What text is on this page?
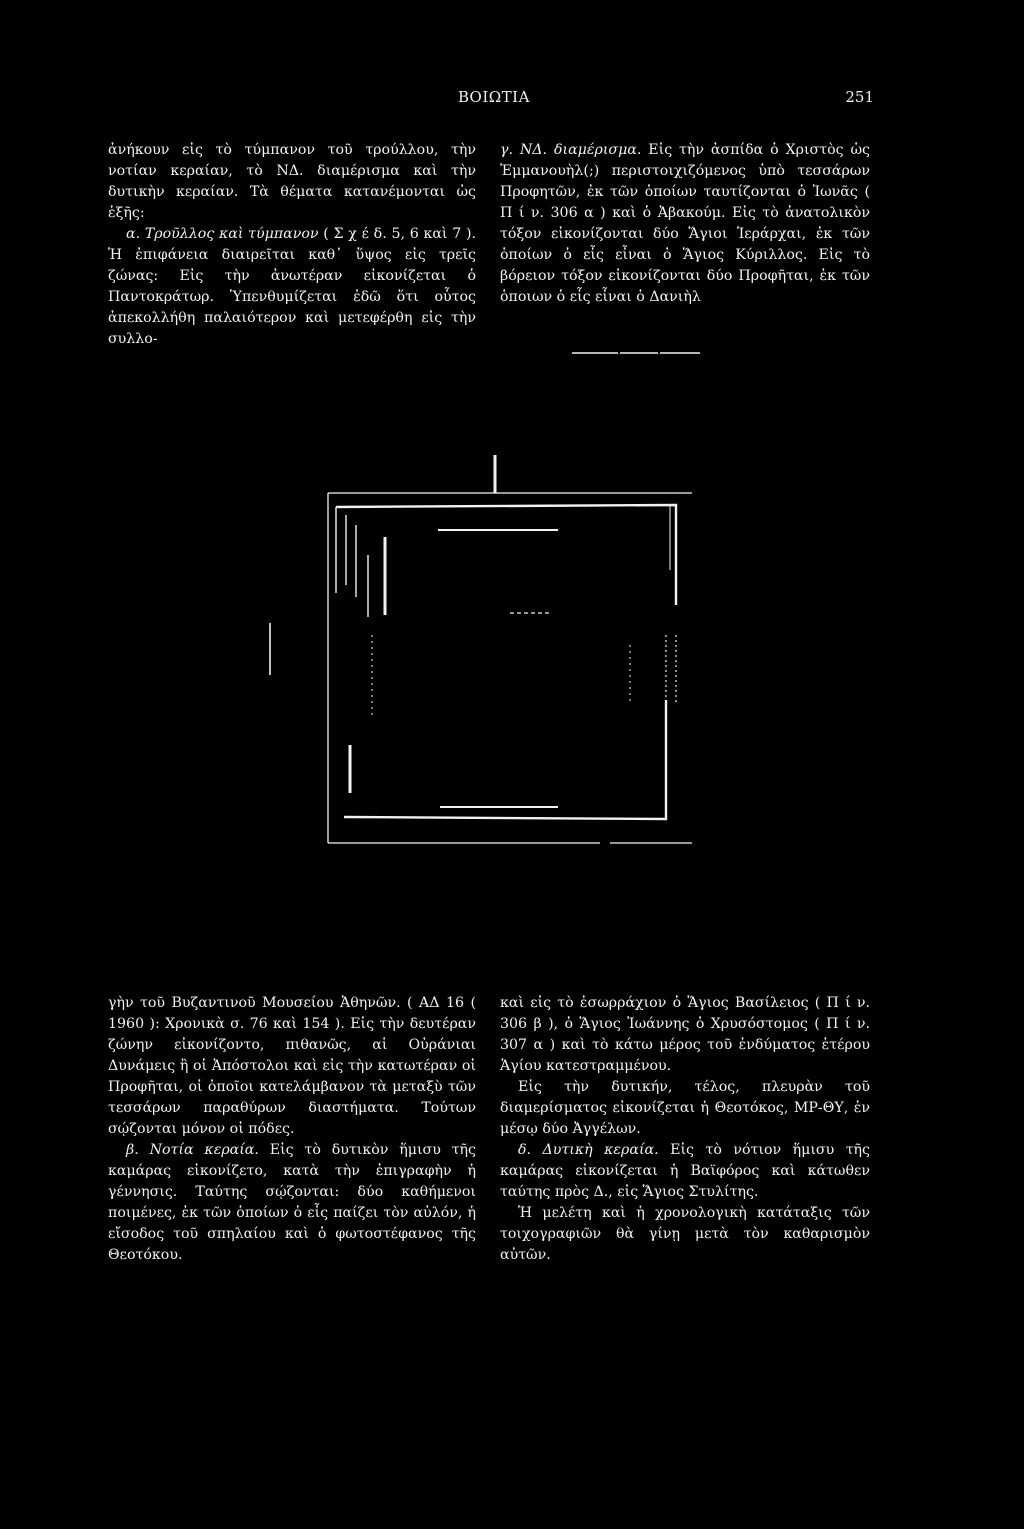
ΒΟΙΩΤΙΑ	251

ἀνήκουν εἰς τὸ τύμπανον τοῦ τρούλλου, τὴν νοτίαν κεραίαν, τὸ ΝΔ. διαμέρισμα καὶ τὴν δυτικὴν κεραίαν. Τὰ θέματα κατανέμονται ὡς ἑξῆς:

α. Τροῦλλος καὶ τύμπανον ( Σ χ έ δ. 5, 6 καὶ 7 ). Ἡ ἐπιφάνεια διαιρεῖται καθ᾽ ὕψος εἰς τρεῖς ζώνας: Εἰς τὴν ἀνωτέραν εἰκονίζεται ὁ Παντοκράτωρ. Ὑπενθυμίζεται ἐδῶ ὅτι οὗτος ἀπεκολλήθη παλαιότερον καὶ μετεφέρθη εἰς τὴν συλλο-

γ. ΝΔ. διαμέρισμα. Εἰς τὴν ἀσπίδα ὁ Χριστὸς ὡς Ἐμμανουὴλ(;) περιστοιχιζόμενος ὑπὸ τεσσάρων Προφητῶν, ἐκ τῶν ὁποίων ταυτίζονται ὁ Ἰωνᾶς ( Π ί ν. 306 α ) καὶ ὁ Ἀβακούμ. Εἰς τὸ ἀνατολικὸν τόξον εἰκονίζονται δύο Ἅγιοι Ἱεράρχαι, ἐκ τῶν ὁποίων ὁ εἷς εἶναι ὁ Ἅγιος Κύριλλος. Εἰς τὸ βόρειον τόξον εἰκονίζονται δύο Προφῆται, ἐκ τῶν ὁποιων ὁ εἷς εἶναι ὁ Δανιὴλ

γὴν τοῦ Βυζαντινοῦ Μουσείου Ἀθηνῶν. ( ΑΔ 16 ( 1960 ): Χρονικὰ σ. 76 καὶ 154 ). Εἰς τὴν δευτέραν ζώνην εἰκονίζοντο, πιθανῶς, αἱ Οὐράνιαι Δυνάμεις ἢ οἱ Ἀπόστολοι καὶ εἰς τὴν κατωτέραν οἱ Προφῆται, οἱ ὁποῖοι κατελάμβανον τὰ μεταξὺ τῶν τεσσάρων παραθύρων διαστήματα. Τούτων σῴζονται μόνον οἱ πόδες.

β. Νοτία κεραία. Εἰς τὸ δυτικὸν ἥμισυ τῆς καμάρας εἰκονίζετο, κατὰ τὴν ἐπιγραφὴν ἡ γέννησις. Ταύτης σῴζονται: δύο καθήμενοι ποιμένες, ἐκ τῶν ὁποίων ὁ εἷς παίζει τὸν αὐλόν, ἡ εἴσοδος τοῦ σπηλαίου καὶ ὁ φωτοστέφανος τῆς Θεοτόκου.

καὶ εἰς τὸ ἐσωρράχιον ὁ Ἅγιος Βασίλειος ( Π ί ν. 306 β ), ὁ Ἅγιος Ἰωάννης ὁ Χρυσόστομος ( Π ί ν. 307 α ) καὶ τὸ κάτω μέρος τοῦ ἐνδύματος ἑτέρου Ἁγίου κατεστραμμένου.

Εἰς τὴν δυτικήν, τέλος, πλευρὰν τοῦ διαμερίσματος εἰκονίζεται ἡ Θεοτόκος, ΜΡ-ΘΥ, ἐν μέσῳ δύο Ἀγγέλων.

δ. Δυτικὴ κεραία. Εἰς τὸ νότιον ἥμισυ τῆς καμάρας εἰκονίζεται ἡ Βαϊφόρος καὶ κάτωθεν ταύτης πρὸς Δ., εἰς Ἅγιος Στυλίτης.

Ἡ μελέτη καὶ ἡ χρονολογικὴ κατάταξις τῶν τοιχογραφιῶν θὰ γίνῃ μετὰ τὸν καθαρισμὸν αὐτῶν.
